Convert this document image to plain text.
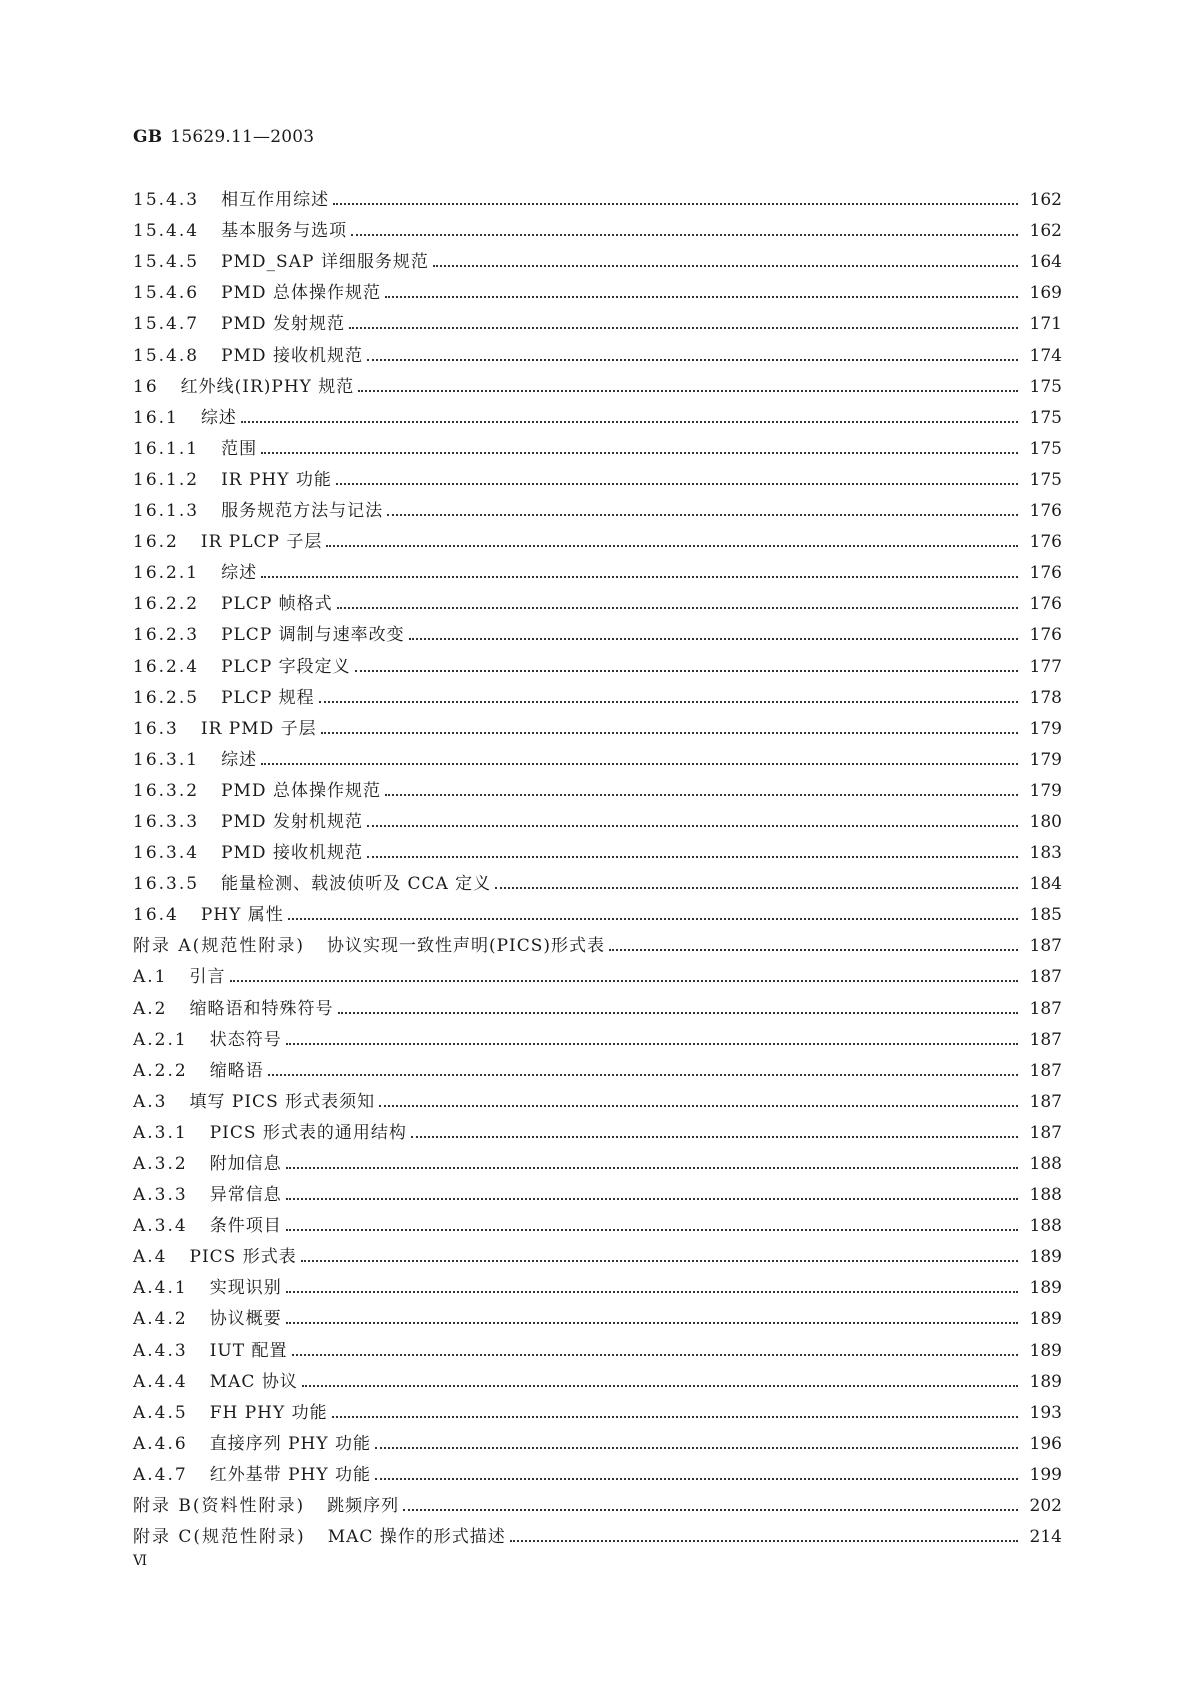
GB 15629.11—2003
15.4.3 相互作用综述	162
15.4.4 基本服务与选项	162
15.4.5 PMD_SAP 详细服务规范	164
15.4.6 PMD 总体操作规范	169
15.4.7 PMD 发射规范	171
15.4.8 PMD 接收机规范	174
16 红外线(IR)PHY 规范	175
16.1 综述	175
16.1.1 范围	175
16.1.2 IR PHY 功能	175
16.1.3 服务规范方法与记法	176
16.2 IR PLCP 子层	176
16.2.1 综述	176
16.2.2 PLCP 帧格式	176
16.2.3 PLCP 调制与速率改变	176
16.2.4 PLCP 字段定义	177
16.2.5 PLCP 规程	178
16.3 IR PMD 子层	179
16.3.1 综述	179
16.3.2 PMD 总体操作规范	179
16.3.3 PMD 发射机规范	180
16.3.4 PMD 接收机规范	183
16.3.5 能量检测、载波侦听及 CCA 定义	184
16.4 PHY 属性	185
附录 A(规范性附录) 协议实现一致性声明(PICS)形式表	187
A.1 引言	187
A.2 缩略语和特殊符号	187
A.2.1 状态符号	187
A.2.2 缩略语	187
A.3 填写 PICS 形式表须知	187
A.3.1 PICS 形式表的通用结构	187
A.3.2 附加信息	188
A.3.3 异常信息	188
A.3.4 条件项目	188
A.4 PICS 形式表	189
A.4.1 实现识别	189
A.4.2 协议概要	189
A.4.3 IUT 配置	189
A.4.4 MAC 协议	189
A.4.5 FH PHY 功能	193
A.4.6 直接序列 PHY 功能	196
A.4.7 红外基带 PHY 功能	199
附录 B(资料性附录) 跳频序列	202
附录 C(规范性附录) MAC 操作的形式描述	214
Ⅵ
